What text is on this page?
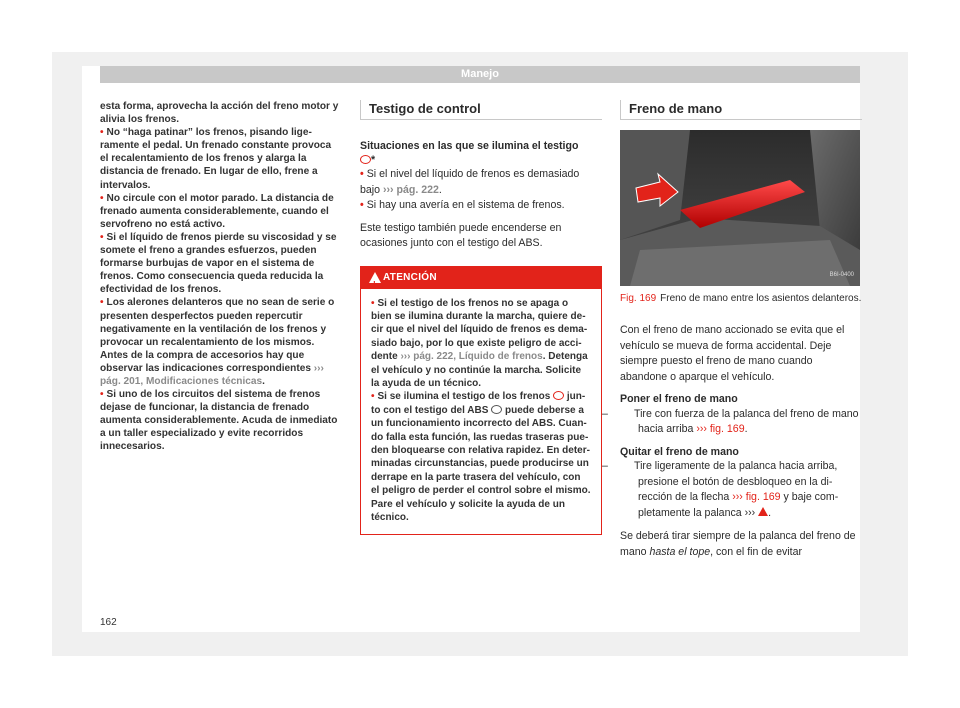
Manejo

esta forma, aprovecha la acción del freno motor y alivia los frenos.

• No “haga patinar” los frenos, pisando ligeramente el pedal. Un frenado constante provoca el recalentamiento de los frenos y alarga la distancia de frenado. En lugar de ello, frene a intervalos.

• No circule con el motor parado. La distancia de frenado aumenta considerablemente, cuando el servofreno no está activo.

• Si el líquido de frenos pierde su viscosidad y se somete el freno a grandes esfuerzos, pueden formarse burbujas de vapor en el sistema de frenos. Como consecuencia queda reducida la efectividad de los frenos.

• Los alerones delanteros que no sean de serie o presenten desperfectos pueden repercutir negativamente en la ventilación de los frenos y provocar un recalentamiento de los mismos. Antes de la compra de accesorios hay que observar las indicaciones correspondientes ››› pág. 201, Modificaciones técnicas.

• Si uno de los circuitos del sistema de frenos dejase de funcionar, la distancia de frenado aumenta considerablemente. Acuda de inmediato a un taller especializado y evite recorridos innecesarios.

Testigo de control

Situaciones en las que se ilumina el testigo
*

• Si el nivel del líquido de frenos es demasiado bajo ››› pág. 222.

• Si hay una avería en el sistema de frenos.

Este testigo también puede encenderse en ocasiones junto con el testigo del ABS.

!
ATENCIÓN

• Si el testigo de los frenos no se apaga o bien se ilumina durante la marcha, quiere decir que el nivel del líquido de frenos es demasiado bajo, por lo que existe peligro de accidente ››› pág. 222, Líquido de frenos. Detenga el vehículo y no continúe la marcha. Solicite la ayuda de un técnico.

• Si se ilumina el testigo de los frenos junto con el testigo del ABS puede deberse a un funcionamiento incorrecto del ABS. Cuando falla esta función, las ruedas traseras pueden bloquearse con relativa rapidez. En determinadas circunstancias, puede producirse un derrape en la parte trasera del vehículo, con el peligro de perder el control sobre el mismo. Pare el vehículo y solicite la ayuda de un técnico.

Freno de mano
B6I-0400

Fig. 169 Freno de mano entre los asientos delanteros.

Con el freno de mano accionado se evita que el vehículo se mueva de forma accidental. Deje siempre puesto el freno de mano cuando abandone o aparque el vehículo.

Poner el freno de mano

– Tire con fuerza de la palanca del freno de mano hacia arriba ››› fig. 169.

Quitar el freno de mano

– Tire ligeramente de la palanca hacia arriba, presione el botón de desbloqueo en la dirección de la flecha ››› fig. 169 y baje completamente la palanca ››› .

Se deberá tirar siempre de la palanca del freno de mano hasta el tope, con el fin de evitar

162
